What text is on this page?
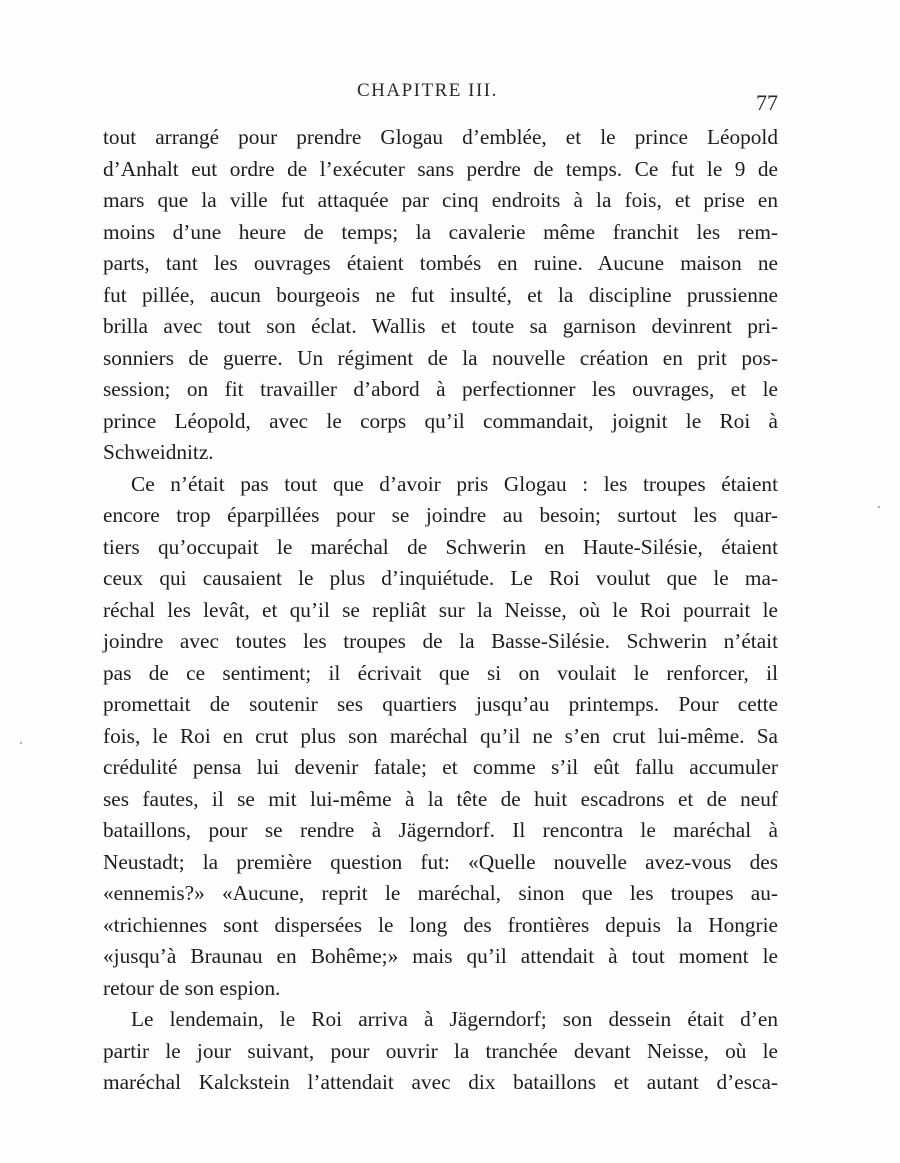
CHAPITRE III.	77
tout arrangé pour prendre Glogau d’emblée, et le prince Léopold
d’Anhalt eut ordre de l’exécuter sans perdre de temps. Ce fut le 9 de
mars que la ville fut attaquée par cinq endroits à la fois, et prise en
moins d’une heure de temps; la cavalerie même franchit les rem-
parts, tant les ouvrages étaient tombés en ruine. Aucune maison ne
fut pillée, aucun bourgeois ne fut insulté, et la discipline prussienne
brilla avec tout son éclat. Wallis et toute sa garnison devinrent pri-
sonniers de guerre. Un régiment de la nouvelle création en prit pos-
session; on fit travailler d’abord à perfectionner les ouvrages, et le
prince Léopold, avec le corps qu’il commandait, joignit le Roi à
Schweidnitz.
Ce n’était pas tout que d’avoir pris Glogau : les troupes étaient
encore trop éparpillées pour se joindre au besoin; surtout les quar-
tiers qu’occupait le maréchal de Schwerin en Haute-Silésie, étaient
ceux qui causaient le plus d’inquiétude. Le Roi voulut que le ma-
réchal les levât, et qu’il se repliât sur la Neisse, où le Roi pourrait le
joindre avec toutes les troupes de la Basse-Silésie. Schwerin n’était
pas de ce sentiment; il écrivait que si on voulait le renforcer, il
promettait de soutenir ses quartiers jusqu’au printemps. Pour cette
fois, le Roi en crut plus son maréchal qu’il ne s’en crut lui-même. Sa
crédulité pensa lui devenir fatale; et comme s’il eût fallu accumuler
ses fautes, il se mit lui-même à la tête de huit escadrons et de neuf
bataillons, pour se rendre à Jägerndorf. Il rencontra le maréchal à
Neustadt; la première question fut: «Quelle nouvelle avez-vous des
«ennemis?» «Aucune, reprit le maréchal, sinon que les troupes au-
«trichiennes sont dispersées le long des frontières depuis la Hongrie
«jusqu’à Braunau en Bohême;» mais qu’il attendait à tout moment le
retour de son espion.
Le lendemain, le Roi arriva à Jägerndorf; son dessein était d’en
partir le jour suivant, pour ouvrir la tranchée devant Neisse, où le
maréchal Kalckstein l’attendait avec dix bataillons et autant d’esca-
